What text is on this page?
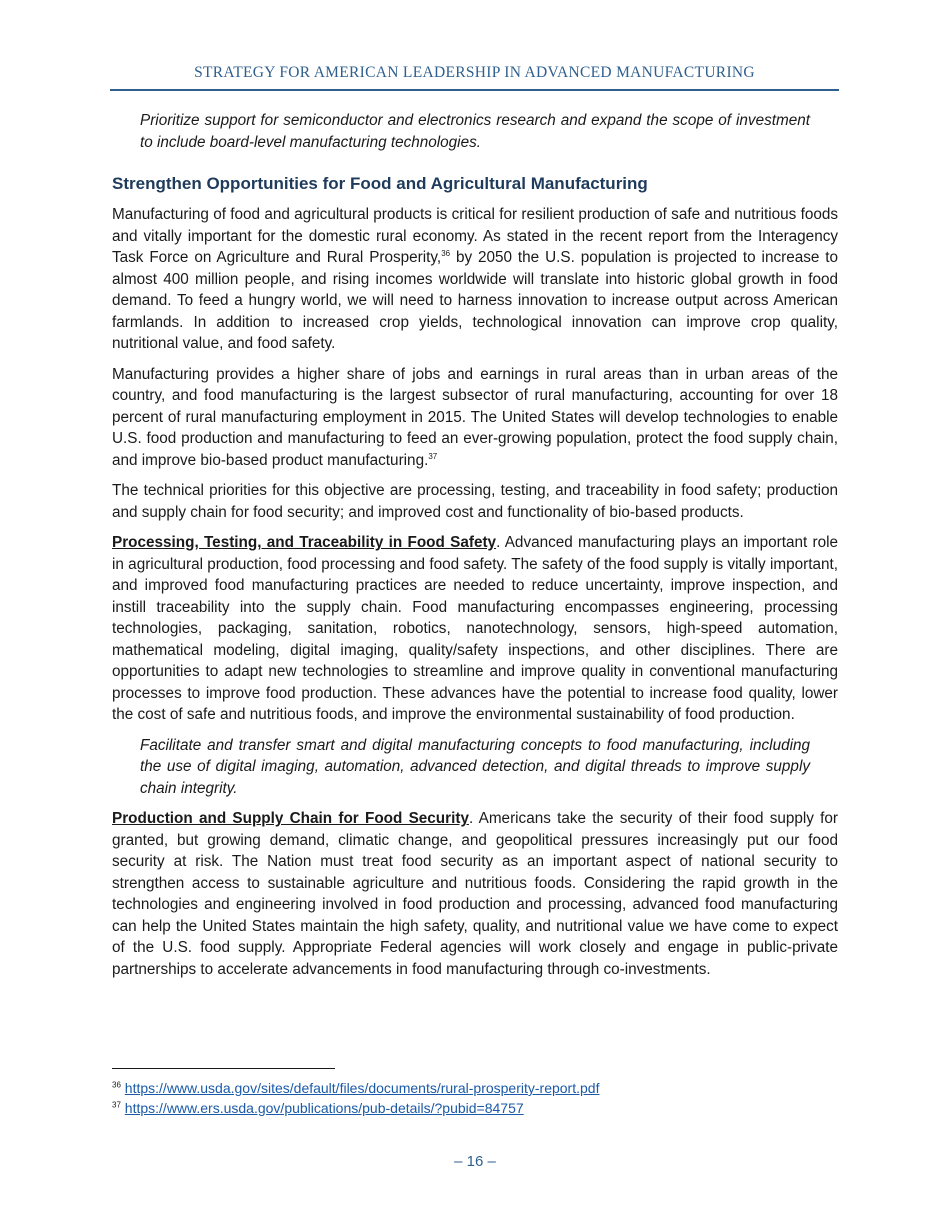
STRATEGY FOR AMERICAN LEADERSHIP IN ADVANCED MANUFACTURING

Prioritize support for semiconductor and electronics research and expand the scope of investment to include board-level manufacturing technologies.

Strengthen Opportunities for Food and Agricultural Manufacturing

Manufacturing of food and agricultural products is critical for resilient production of safe and nutritious foods and vitally important for the domestic rural economy. As stated in the recent report from the Interagency Task Force on Agriculture and Rural Prosperity,$^{36}$ by 2050 the U.S. population is projected to increase to almost 400 million people, and rising incomes worldwide will translate into historic global growth in food demand. To feed a hungry world, we will need to harness innovation to increase output across American farmlands. In addition to increased crop yields, technological innovation can improve crop quality, nutritional value, and food safety.

Manufacturing provides a higher share of jobs and earnings in rural areas than in urban areas of the country, and food manufacturing is the largest subsector of rural manufacturing, accounting for over 18 percent of rural manufacturing employment in 2015. The United States will develop technologies to enable U.S. food production and manufacturing to feed an ever-growing population, protect the food supply chain, and improve bio-based product manufacturing.$^{37}$

The technical priorities for this objective are processing, testing, and traceability in food safety; production and supply chain for food security; and improved cost and functionality of bio-based products.

Processing, Testing, and Traceability in Food Safety. Advanced manufacturing plays an important role in agricultural production, food processing and food safety. The safety of the food supply is vitally important, and improved food manufacturing practices are needed to reduce uncertainty, improve inspection, and instill traceability into the supply chain. Food manufacturing encompasses engineering, processing technologies, packaging, sanitation, robotics, nanotechnology, sensors, high-speed automation, mathematical modeling, digital imaging, quality/safety inspections, and other disciplines. There are opportunities to adapt new technologies to streamline and improve quality in conventional manufacturing processes to improve food production. These advances have the potential to increase food quality, lower the cost of safe and nutritious foods, and improve the environmental sustainability of food production.

Facilitate and transfer smart and digital manufacturing concepts to food manufacturing, including the use of digital imaging, automation, advanced detection, and digital threads to improve supply chain integrity.

Production and Supply Chain for Food Security. Americans take the security of their food supply for granted, but growing demand, climatic change, and geopolitical pressures increasingly put our food security at risk. The Nation must treat food security as an important aspect of national security to strengthen access to sustainable agriculture and nutritious foods. Considering the rapid growth in the technologies and engineering involved in food production and processing, advanced food manufacturing can help the United States maintain the high safety, quality, and nutritional value we have come to expect of the U.S. food supply. Appropriate Federal agencies will work closely and engage in public-private partnerships to accelerate advancements in food manufacturing through co-investments.

$^{36}$ https://www.usda.gov/sites/default/files/documents/rural-prosperity-report.pdf
$^{37}$ https://www.ers.usda.gov/publications/pub-details/?pubid=84757
– 16 –
